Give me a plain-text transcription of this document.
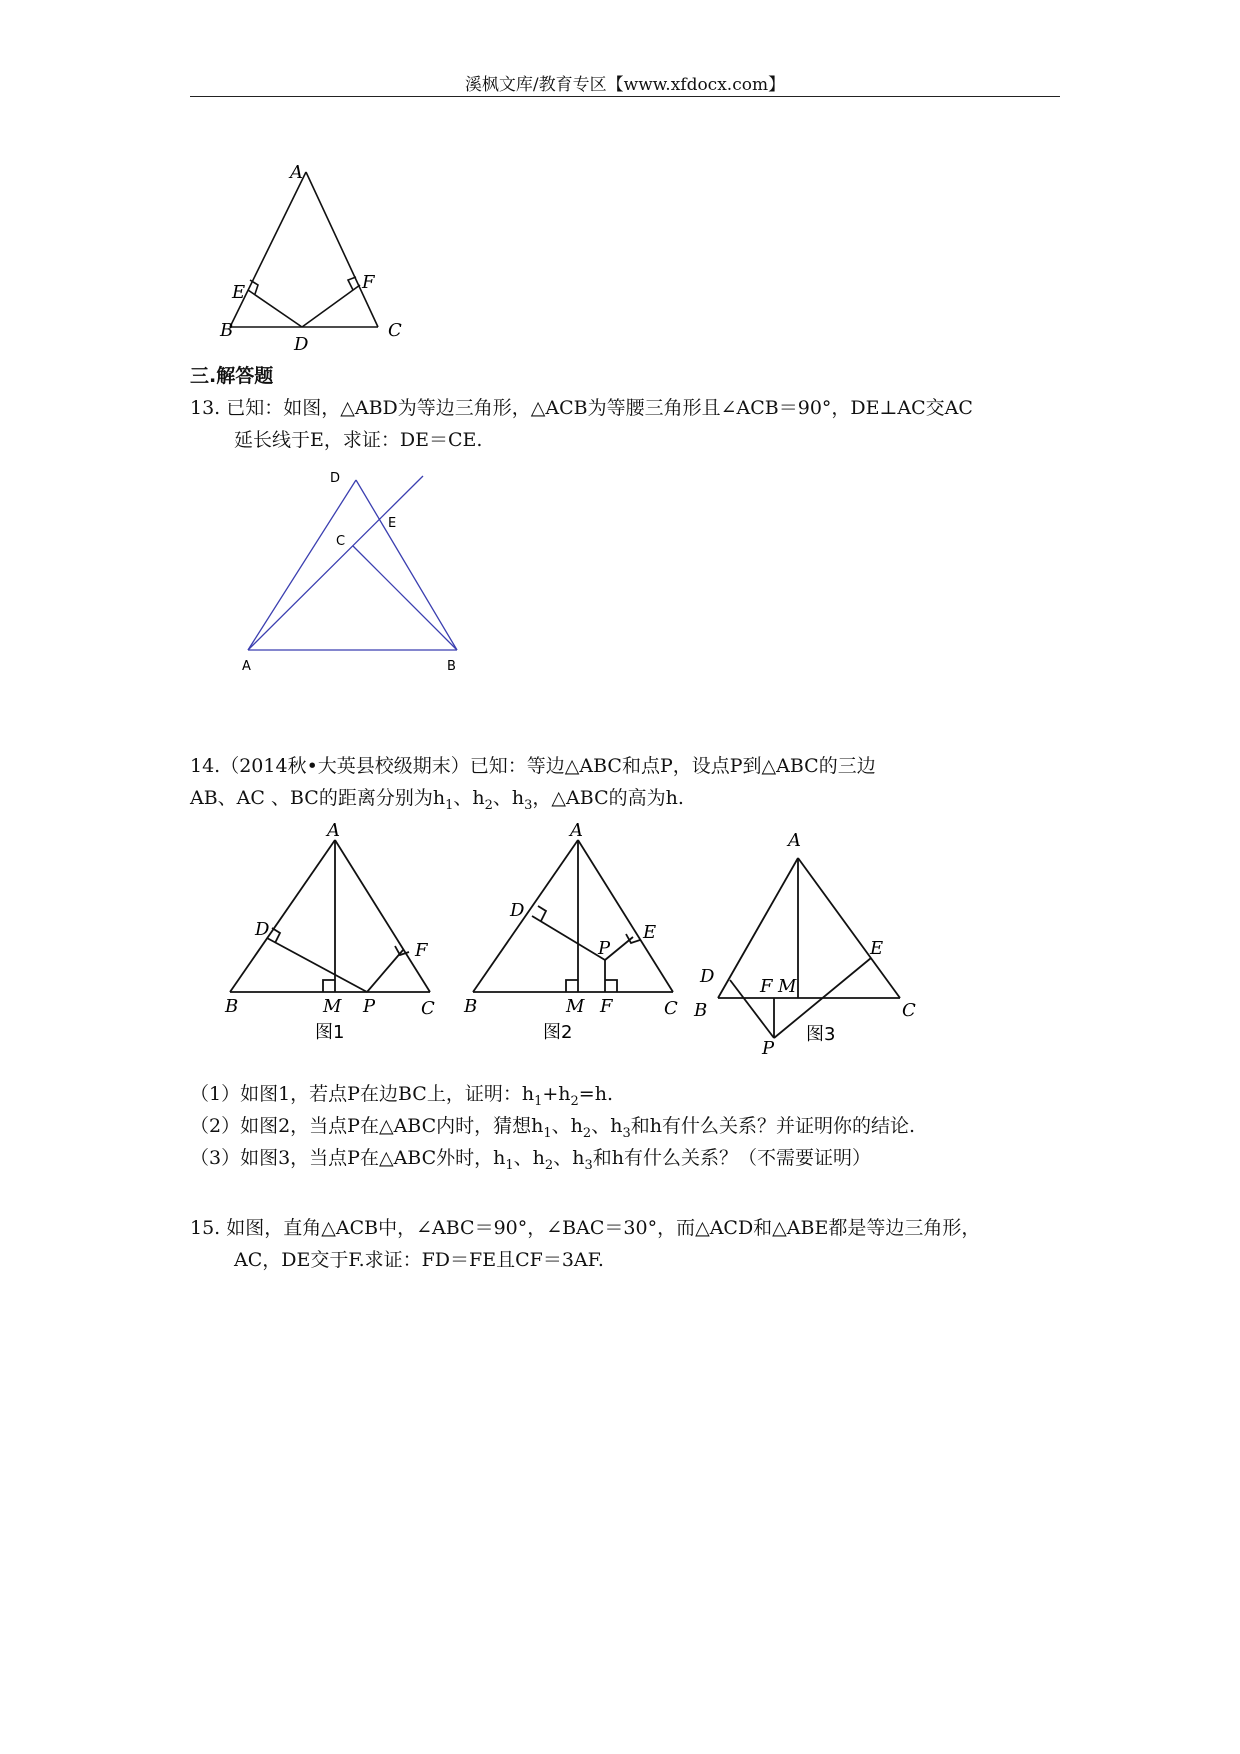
溪枫文库/教育专区【www.xfdocx.com】
A
E	F
B
D
C
三.解答题
13. 已知：如图，△ABD为等边三角形，△ACB为等腰三角形且∠ACB＝90°，DE⊥AC交AC
延长线于E，求证：DE＝CE.
D
E
C
A	B
14.（2014秋•大英县校级期末）已知：等边△ABC和点P，设点P到△ABC的三边
AB、AC 、BC的距离分别为$h_1$、$h_2$、$h_3$，△ABC的高为h.
A
D
F
B	M P	C
图1
A
D
P
E
B	M F	C
图2
A
D
E
F M
B	C
P
图3
（1）如图1，若点P在边BC上，证明：$h_1+h_2=h$.
（2）如图2，当点P在△ABC内时，猜想$h_1$、$h_2$、$h_3$和h有什么关系？并证明你的结论.
（3）如图3，当点P在△ABC外时，$h_1$、$h_2$、$h_3$和h有什么关系？（不需要证明）
15. 如图，直角△ACB中，∠ABC＝90°，∠BAC＝30°，而△ACD和△ABE都是等边三角形，
AC，DE交于F.求证：FD＝FE且CF＝3AF.
